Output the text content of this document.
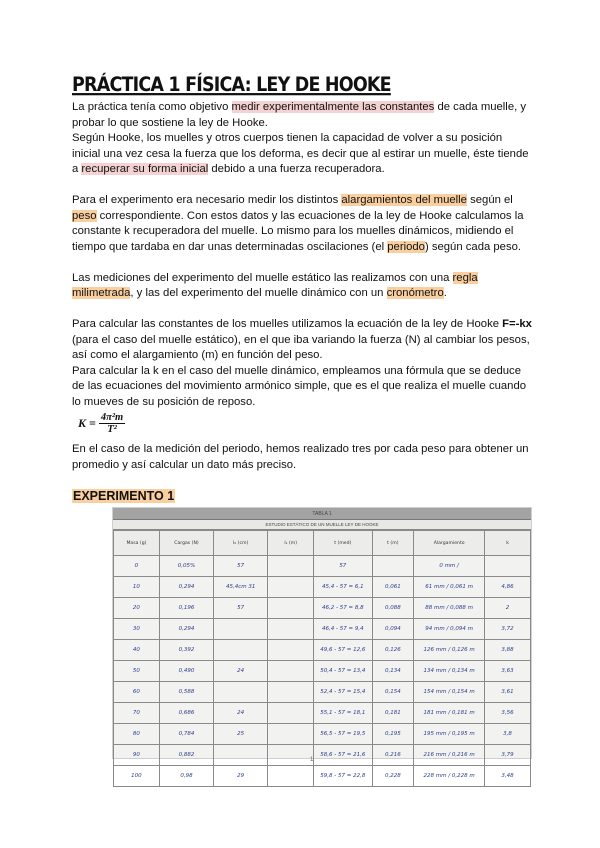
PRÁCTICA 1 FÍSICA: LEY DE HOOKE

La práctica tenía como objetivo medir experimentalmente las constantes de cada muelle, y probar lo que sostiene la ley de Hooke.
Según Hooke, los muelles y otros cuerpos tienen la capacidad de volver a su posición inicial una vez cesa la fuerza que los deforma, es decir que al estirar un muelle, éste tiende a recuperar su forma inicial debido a una fuerza recuperadora.

Para el experimento era necesario medir los distintos alargamientos del muelle según el peso correspondiente. Con estos datos y las ecuaciones de la ley de Hooke calculamos la constante k recuperadora del muelle. Lo mismo para los muelles dinámicos, midiendo el tiempo que tardaba en dar unas determinadas oscilaciones (el periodo) según cada peso.

Las mediciones del experimento del muelle estático las realizamos con una regla milimetrada, y las del experimento del muelle dinámico con un cronómetro.

Para calcular las constantes de los muelles utilizamos la ecuación de la ley de Hooke F=-kx (para el caso del muelle estático), en el que iba variando la fuerza (N) al cambiar los pesos, así como el alargamiento (m) en función del peso.
Para calcular la k en el caso del muelle dinámico, empleamos una fórmula que se deduce de las ecuaciones del movimiento armónico simple, que es el que realiza el muelle cuando lo mueves de su posición de reposo.

$K = \frac{\text{4π²m}}{\text{T²}}$

En el caso de la medición del periodo, hemos realizado tres por cada peso para obtener un promedio y así calcular un dato más preciso.

EXPERIMENTO 1
TABLA 1
ESTUDIO ESTÁTICO DE UN MUELLE LEY DE HOOKE
Masa (g)	Cargas (N)	l₀ (cm)	l₁ (m)	t (med)	t (m)	Alargamiento	k
0	0,05%	57		57		0 mm /	
10	0,294	45,4cm 31		45,4 - 57 = 6,1	0,061	61 mm / 0,061 m	4,86
20	0,196	57		46,2 - 57 = 8,8	0,088	88 mm / 0,088 m	2
30	0,294			46,4 - 57 = 9,4	0,094	94 mm / 0,094 m	3,72
40	0,392			49,6 - 57 = 12,6	0,126	126 mm / 0,126 m	3,88
50	0,490	24		50,4 - 57 = 13,4	0,134	134 mm / 0,134 m	3,63
60	0,588			52,4 - 57 = 15,4	0,154	154 mm / 0,154 m	3,61
70	0,686	24		55,1 - 57 = 18,1	0,181	181 mm / 0,181 m	3,56
80	0,784	25		56,5 - 57 = 19,5	0,195	195 mm / 0,195 m	3,8
90	0,882			58,6 - 57 = 21,6	0,216	216 mm / 0,216 m	3,79
100	0,98	29		59,8 - 57 = 22,8	0,228	228 mm / 0,228 m	3,48
1
